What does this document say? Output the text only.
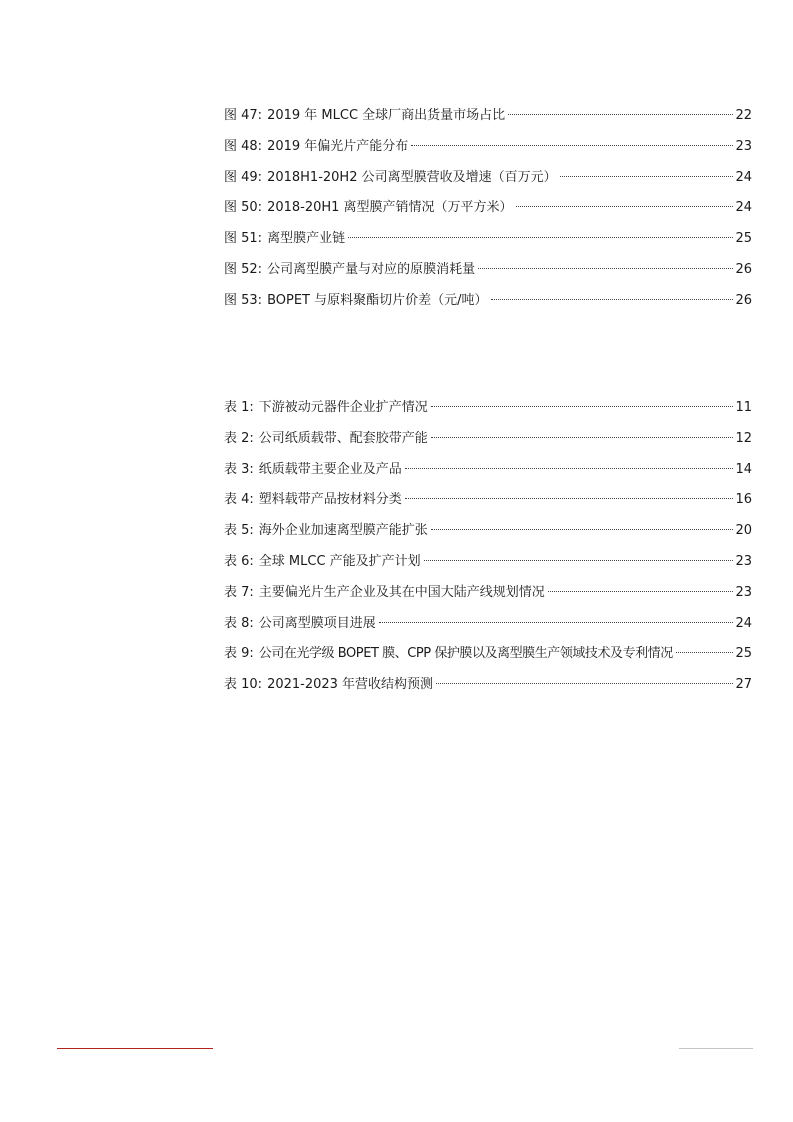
图 47: 2019 年 MLCC 全球厂商出货量市场占比	22
图 48: 2019 年偏光片产能分布	23
图 49: 2018H1-20H2 公司离型膜营收及增速（百万元）	24
图 50: 2018-20H1 离型膜产销情况（万平方米）	24
图 51: 离型膜产业链	25
图 52: 公司离型膜产量与对应的原膜消耗量	26
图 53: BOPET 与原料聚酯切片价差（元/吨）	26
表 1: 下游被动元器件企业扩产情况	11
表 2: 公司纸质载带、配套胶带产能	12
表 3: 纸质载带主要企业及产品	14
表 4: 塑料载带产品按材料分类	16
表 5: 海外企业加速离型膜产能扩张	20
表 6: 全球 MLCC 产能及扩产计划	23
表 7: 主要偏光片生产企业及其在中国大陆产线规划情况	23
表 8: 公司离型膜项目进展	24
表 9: 公司在光学级 BOPET 膜、CPP 保护膜以及离型膜生产领域技术及专利情况	25
表 10: 2021-2023 年营收结构预测	27
